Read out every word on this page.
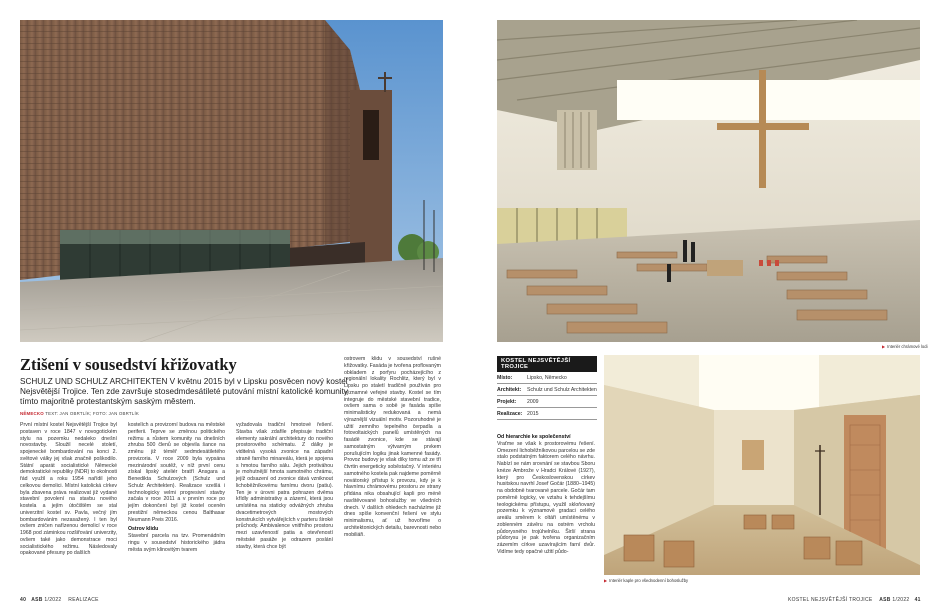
Ztišení v sousedství křižovatky
SCHULZ UND SCHULZ ARCHITEKTEN V květnu 2015 byl v Lipsku posvěcen nový kostel Nejsvětější Trojice. Ten zde završuje stosedmdesátileté putování místní katolické komunity tímto majoritně protestantským saským městem.
NĚMECKO TEXT: JAN OBRTLÍK; FOTO: JAN OBRTLÍK

První místní kostel Nejsvětější Trojice byl postaven v roce 1847 v novogotickém stylu na pozemku nedaleko dnešní novostavby. Sloužil necelé století, spojenecké bombardování na konci 2. světové války jej však značně poškodilo. Státní aparát socialistické Německé demokratické republiky (NDR) to okolnosti řád využil a roku 1954 nařídil jeho celkovou demolici. Místní katolická církev byla zbavena práva realizovat již vydané stavební povolení na stavbu nového kostela a jejím útočištěm se stal univerzitní kostel sv. Pavla, večný jím bombardováním nezasažený. I ten byl ovšem zničen nařízenou demolicí v roce 1968 pod záminkou rozšiřování univerzity, ovšem také jako demonstrace moci socialistického režimu. Následovaly opakované přesuny po dalších

kostelích a provizorní budova na městské periferii. Teprve se změnou politického režimu a růstem komunity na dnešních zhruba 500 členů se objevila šance na změnu již téměř sedmdesátiletého provizoria. V roce 2009 byla vypsána mezinárodní soutěž, v níž první cenu získal lipský ateliér bratří Ansgara a Benedikta Schulzových (Schulz und Schulz Architekten). Realizace vzešlá i technologicky velmi progresivní stavby začala v roce 2011 a v prvním roce po jejím dokončení byl již kostel oceněn prestižní německou cenou Balthasar Neumann Preis 2016.
Ostrov klidu
Stavební parcela na tzv. Promenádním ringu v sousedství historického jádra města svým klinovitým tvarem

vyžadovala tradiční hmotové řešení. Stavba však zdařile přepisuje tradiční elementy sakrální architektury do nového prostorového schématu. Z dálky je viditelná vysoká zvonice na západní straně farního minareálu, která je spojena s hmotou farního sálu. Jejich protiváhou je mohutnější hmota samotného chrámu, jejíž odsazení od zvonice dává vzniknout lichoběžníkovému farnímu dvoru (patiu). Ten je v úrovni patra pohrazen dvěma křídly administrativy a zázemí, která jsou umístěna na staticky odvážných zhruba dvacetimetrových mostových konstrukcích vytvářejících v parteru široké průchody. Ambivalence vnitřního prostoru mezi uzavřeností patia a otevřeností městské pasáže je odrazem poslání stavby, která chce být

ostrovem klidu v sousedství rušné křižovatky. Fasáda je tvořena proflovaným obkladem z porfyru pocházejícího z regionální lokality Rochlitz, který byl v Lipsku po staletí tradičně používán pro významné veřejné stavby. Kostel se tím integruje do městské stavební tradice, ovšem sama o sobě je fasáda spíše minimalisticky redukovaná a nemá výraznější vizuální motiv. Pozoruhodné je užití zemního tepelného čerpadla a fotovoltaických panelů umístěných na fasádě zvonice, kde se stávají samostatným výtvarným prvkem porušujícím logiku jinak kamenné fasády. Provoz budovy je však díky tomu až ze tří čtvrtin energeticky soběstačný. V interiéru samotného kostela pak najdeme poměrně novátorský přístup k provozu, kdy je k hlavnímu chrámovému prostoru ze strany přidána nika obsahující kapli pro méně navštěvované bohoslužby ve všedních dnech. V dalších ohledech nacházíme již dnes spíše konvenční řešení ve stylu minimalismu, ať už hovoříme o architektonických detailu, barevnosti nebo mobiliáři.

40 ASB 1/2022 REALIZACE
▶ Interiér chrámové lodi
KOSTEL NEJSVĚTĚJŠÍ TROJICE
Místo:	Lipsko, Německo
Architekt:	Schulz und Schulz Architekten
Projekt:	2009
Realizace: 2015

Od hierarchie ke společenství
Vraťme se však k prostorovému řešení. Omezení lichoběžníkovou parcelou se zde stalo podstatným faktorem celého návrhu. Nabízí se nám srovnání se stavbou Sboru knéze Ambrože v Hradci Králové (1927), který pro Československou církev husitskou navrhl Josef Gočár (1880–1945) na obdobně tvarované parcele. Gočár tam poměrně logicky, ve vztahu k tehdejšímu teologickému přístupu, využil skloňovaný pozemku k významově gradaci celého areálu směrem k oltáři umístěnému v zoblenném závěru na ostrém vrcholu půdorysného trojúhelníku. Širší strana půdorysu je pak tvořena organizačním zázemím církve uzavírajícím farní dvůr. Vidíme tedy opačné užití půdo-

▶ Interiér kaple pro všednodenní bohoslužby
KOSTEL NEJSVĚTĚJŠÍ TROJICE ASB 1/2022 41
